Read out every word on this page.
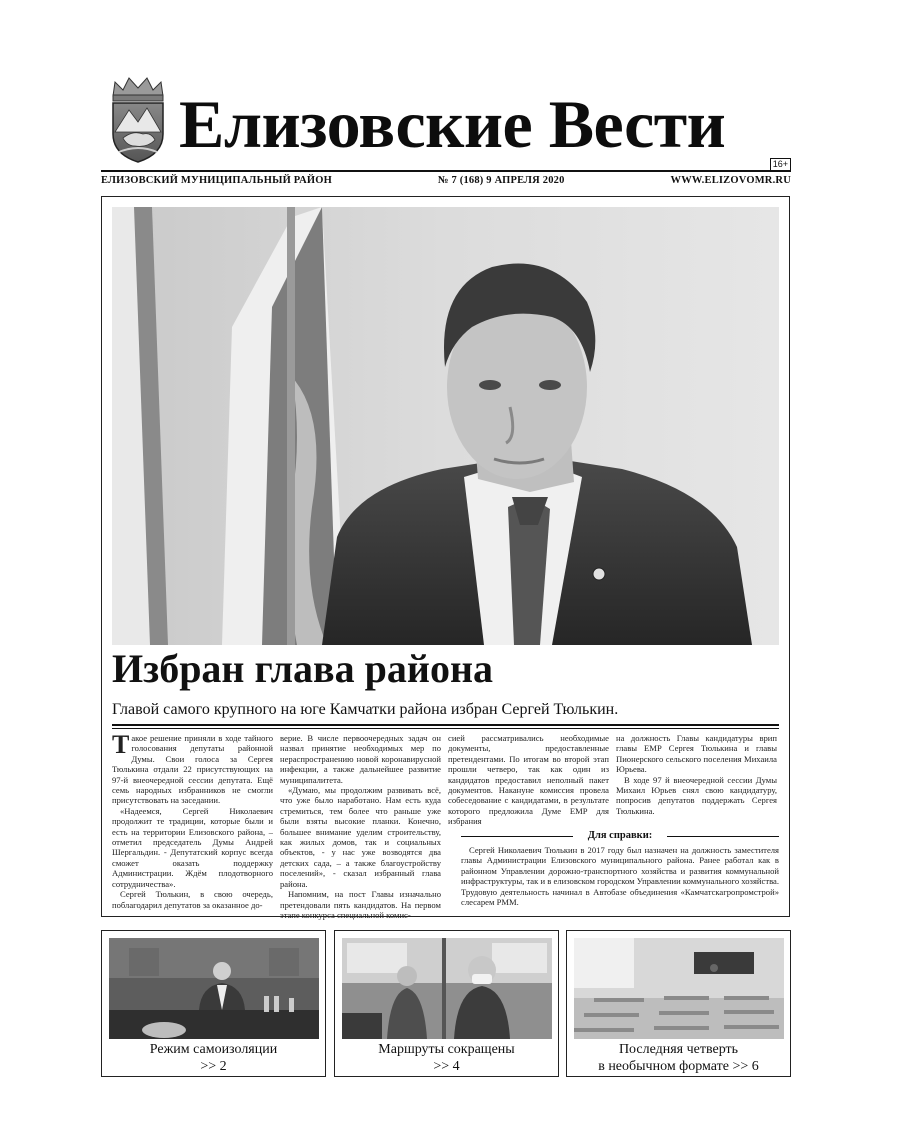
Елизовские Вести
16+
ЕЛИЗОВСКИЙ МУНИЦИПАЛЬНЫЙ РАЙОН	№ 7 (168) 9 АПРЕЛЯ 2020	WWW.ELIZOVOMR.RU
Избран глава района
Главой самого крупного на юге Камчатки района избран Сергей Тюлькин.

Такое решение приняли в ходе тайного голосования депутаты районной Думы. Свои голоса за Сергея Тюлькина отдали 22 присутствующих на 97-й внеочередной сессии депутата. Ещё семь народных избранников не смогли присутствовать на заседании.

«Надеемся, Сергей Николаевич продолжит те традиции, которые были и есть на территории Елизовского района, – отметил председатель Думы Андрей Шергальдин. - Депутатский корпус всегда сможет оказать поддержку Администрации. Ждём плодотворного сотрудничества».

Сергей Тюлькин, в свою очередь, поблагодарил депутатов за оказанное до-

верие. В числе первоочередных задач он назвал принятие необходимых мер по нераспространению новой коронавирусной инфекции, а также дальнейшее развитие муниципалитета.

«Думаю, мы продолжим развивать всё, что уже было наработано. Нам есть куда стремиться, тем более что раньше уже были взяты высокие планки. Конечно, большее внимание уделим строительству, как жилых домов, так и социальных объектов, - у нас уже возводятся два детских сада, – а также благоустройству поселений», - сказал избранный глава района.

Напомним, на пост Главы изначально претендовали пять кандидатов. На первом этапе конкурса специальной комис-

сией рассматривались необходимые документы, предоставленные претендентами. По итогам во второй этап прошли четверо, так как один из кандидатов предоставил неполный пакет документов. Накануне комиссия провела собеседование с кандидатами, в результате которого предложила Думе ЕМР для избрания

на должность Главы кандидатуры врип главы ЕМР Сергея Тюлькина и главы Пионерского сельского поселения Михаила Юрьева.

В ходе 97 й внеочередной сессии Думы Михаил Юрьев снял свою кандидатуру, попросив депутатов поддержать Сергея Тюлькина.

Для справки:
Сергей Николаевич Тюлькин в 2017 году был назначен на должность заместителя главы Администрации Елизовского муниципального района. Ранее работал как в районном Управлении дорожно-транспортного хозяйства и развития коммунальной инфраструктуры, так и в елизовском городском Управлении коммунального хозяйства. Трудовую деятельность начинал в Автобазе объединения «Камчатскагропромстрой» слесарем РММ.
Режим самоизоляции
>> 2
Маршруты сокращены
>> 4
Последняя четверть
в необычном формате >> 6
